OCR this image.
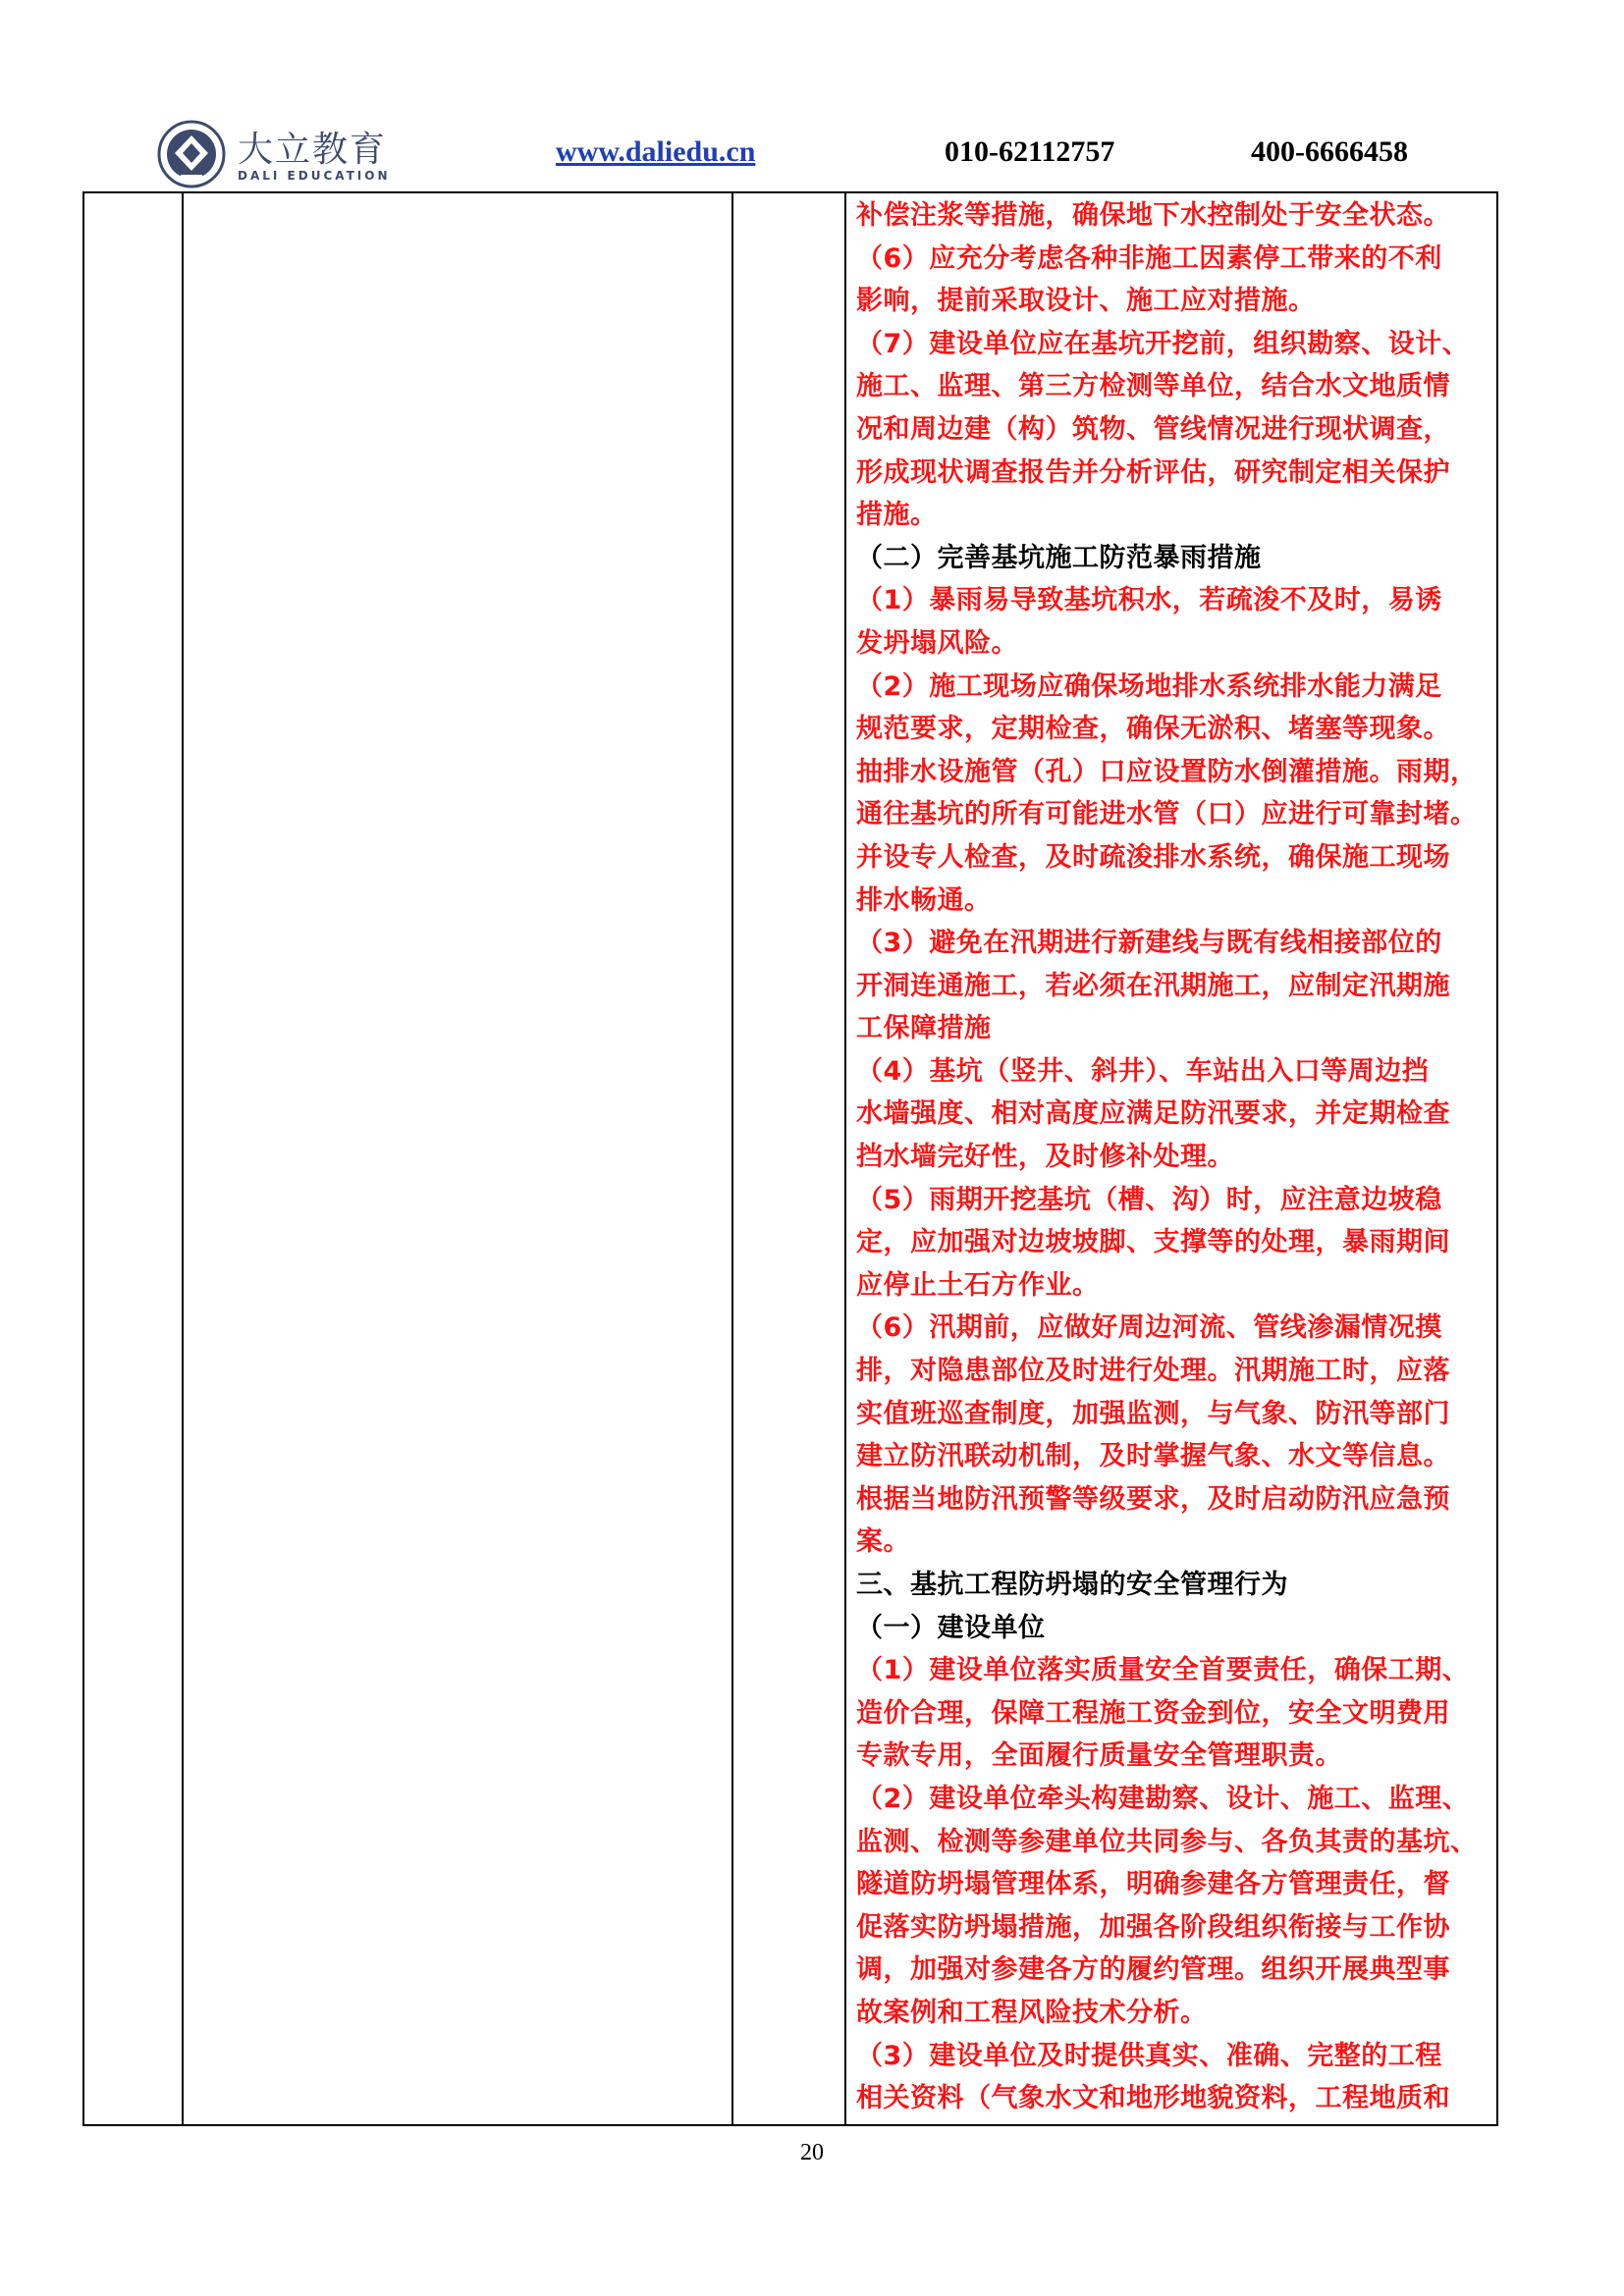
大立教育
DALI EDUCATION
www.daliedu.cn	010-62112757	400-6666458
补偿注浆等措施，确保地下水控制处于安全状态。
（6）应充分考虑各种非施工因素停工带来的不利
影响，提前采取设计、施工应对措施。
（7）建设单位应在基坑开挖前，组织勘察、设计、
施工、监理、第三方检测等单位，结合水文地质情
况和周边建（构）筑物、管线情况进行现状调查，
形成现状调查报告并分析评估，研究制定相关保护
措施。
（二）完善基坑施工防范暴雨措施
（1）暴雨易导致基坑积水，若疏浚不及时，易诱
发坍塌风险。
（2）施工现场应确保场地排水系统排水能力满足
规范要求，定期检查，确保无淤积、堵塞等现象。
抽排水设施管（孔）口应设置防水倒灌措施。雨期，
通往基坑的所有可能进水管（口）应进行可靠封堵。
并设专人检查，及时疏浚排水系统，确保施工现场
排水畅通。
（3）避免在汛期进行新建线与既有线相接部位的
开洞连通施工，若必须在汛期施工，应制定汛期施
工保障措施
（4）基坑（竖井、斜井）、车站出入口等周边挡
水墙强度、相对高度应满足防汛要求，并定期检查
挡水墙完好性，及时修补处理。
（5）雨期开挖基坑（槽、沟）时，应注意边坡稳
定，应加强对边坡坡脚、支撑等的处理，暴雨期间
应停止土石方作业。
（6）汛期前，应做好周边河流、管线渗漏情况摸
排，对隐患部位及时进行处理。汛期施工时，应落
实值班巡查制度，加强监测，与气象、防汛等部门
建立防汛联动机制，及时掌握气象、水文等信息。
根据当地防汛预警等级要求，及时启动防汛应急预
案。
三、基抗工程防坍塌的安全管理行为
（一）建设单位
（1）建设单位落实质量安全首要责任，确保工期、
造价合理，保障工程施工资金到位，安全文明费用
专款专用，全面履行质量安全管理职责。
（2）建设单位牵头构建勘察、设计、施工、监理、
监测、检测等参建单位共同参与、各负其责的基坑、
隧道防坍塌管理体系，明确参建各方管理责任，督
促落实防坍塌措施，加强各阶段组织衔接与工作协
调，加强对参建各方的履约管理。组织开展典型事
故案例和工程风险技术分析。
（3）建设单位及时提供真实、准确、完整的工程
相关资料（气象水文和地形地貌资料，工程地质和
20
